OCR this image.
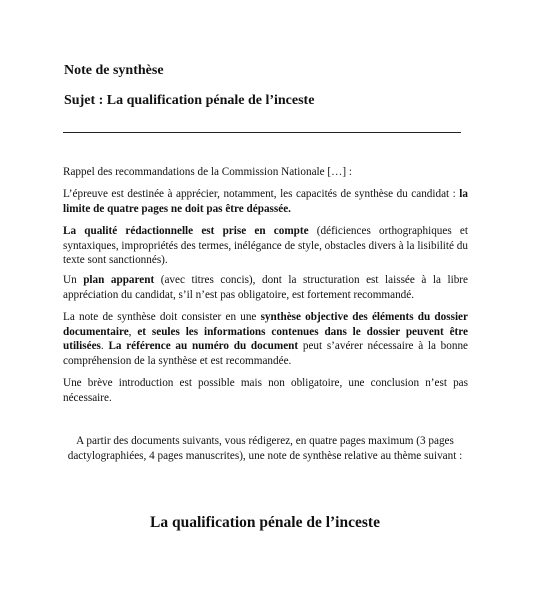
Note de synthèse
Sujet : La qualification pénale de l’inceste

Rappel des recommandations de la Commission Nationale […] :

L’épreuve est destinée à apprécier, notamment, les capacités de synthèse du candidat : la limite de quatre pages ne doit pas être dépassée.

La qualité rédactionnelle est prise en compte (déficiences orthographiques et syntaxiques, impropriétés des termes, inélégance de style, obstacles divers à la lisibilité du texte sont sanctionnés).

Un plan apparent (avec titres concis), dont la structuration est laissée à la libre appréciation du candidat, s’il n’est pas obligatoire, est fortement recommandé.

La note de synthèse doit consister en une synthèse objective des éléments du dossier documentaire, et seules les informations contenues dans le dossier peuvent être utilisées. La référence au numéro du document peut s’avérer nécessaire à la bonne compréhension de la synthèse et est recommandée.

Une brève introduction est possible mais non obligatoire, une conclusion n’est pas nécessaire.

A partir des documents suivants, vous rédigerez, en quatre pages maximum (3 pages dactylographiées, 4 pages manuscrites), une note de synthèse relative au thème suivant :
La qualification pénale de l’inceste
